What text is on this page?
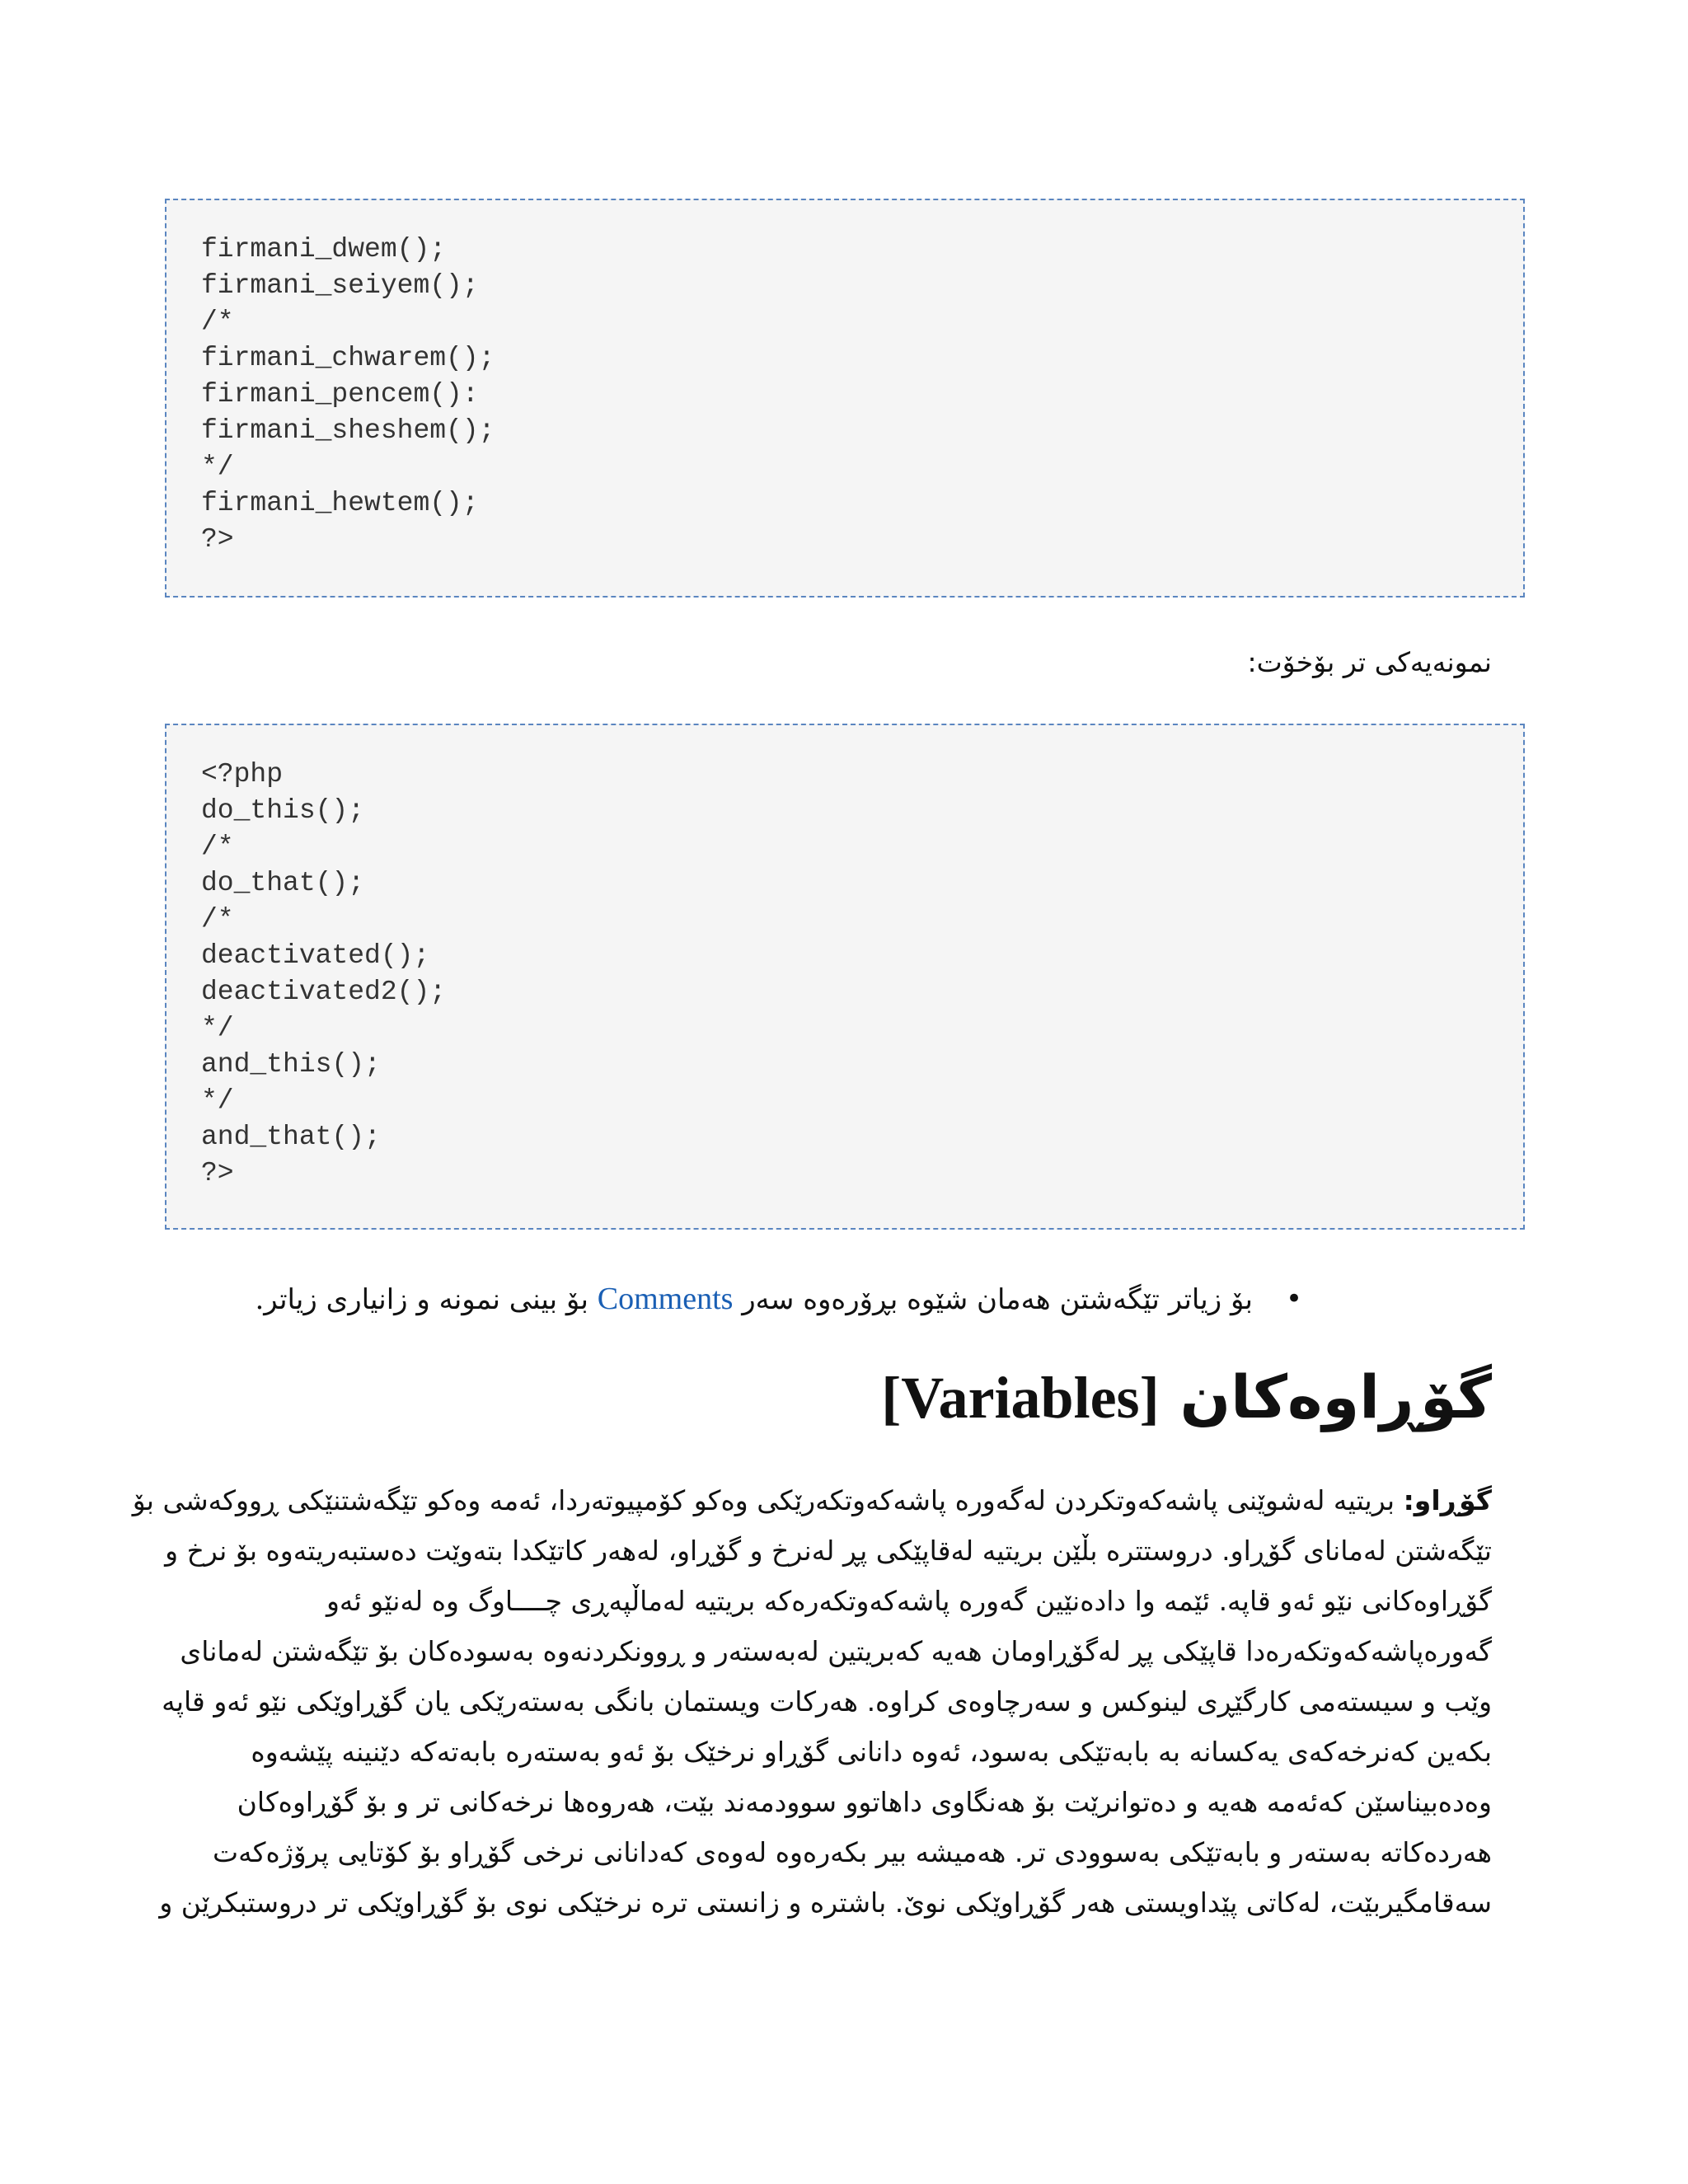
firmani_dwem();
firmani_seiyem();
/*
firmani_chwarem();
firmani_pencem():
firmani_sheshem();
*/
firmani_hewtem();
?>
نمونەیەکی تر بۆخۆت:
<?php
do_this();
/*
do_that();
/*
deactivated();
deactivated2();
*/
and_this();
*/
and_that();
?>
•
بۆ زیاتر تێگەشتن هەمان شێوە بڕۆرەوە سەر Comments بۆ بینی نمونە و زانیاری زیاتر.
گۆڕاوەکان [Variables]
گۆڕاو: بریتیە لەشوێنی پاشەکەوتکردن لەگەورە پاشەکەوتکەرێکی وەکو کۆمپیوتەردا، ئەمە وەکو تێگەشتنێکی ڕووکەشی بۆ
تێگەشتن لەمانای گۆڕاو. دروستترە بڵێن بریتیە لەقاپێکی پڕ لەنرخ و گۆڕاو، لەهەر کاتێکدا بتەوێت دەستبەریتەوە بۆ نرخ و
گۆڕاوەکانی نێو ئەو قاپە. ئێمە وا دادەنێین گەورە پاشەکەوتکەرەکە بریتیە لەماڵپەڕی چــــاوگ وە لەنێو ئەو
گەورەپاشەکەوتکەرەدا قاپێکی پڕ لەگۆڕاومان هەیە کەبریتین لەبەستەر و ڕوونکردنەوە بەسودەکان بۆ تێگەشتن لەمانای
وێب و سیستەمی کارگێڕی لینوکس و سەرچاوەی کراوە. هەرکات ویستمان بانگی بەستەرێکی یان گۆڕاوێکی نێو ئەو قاپە
بکەین کەنرخەکەی یەکسانە بە بابەتێکی بەسود، ئەوە دانانی گۆڕاو نرخێک بۆ ئەو بەستەرە بابەتەکە دێنینە پێشەوە
وەدەبیناسێن کەئەمە هەیە و دەتوانرێت بۆ هەنگاوی داهاتوو سوودمەند بێت، هەروەها نرخەکانی تر و بۆ گۆڕاوەکان
هەردەکاتە بەستەر و بابەتێکی بەسوودی تر. هەمیشە بیر بکەرەوە لەوەی کەدانانی نرخی گۆڕاو بۆ کۆتایی پرۆژەکەت
سەقامگیربێت، لەکاتی پێداویستی هەر گۆڕاوێکی نوێ. باشترە و زانستی ترە نرخێکی نوی بۆ گۆڕاوێکی تر دروستبکرێن و
